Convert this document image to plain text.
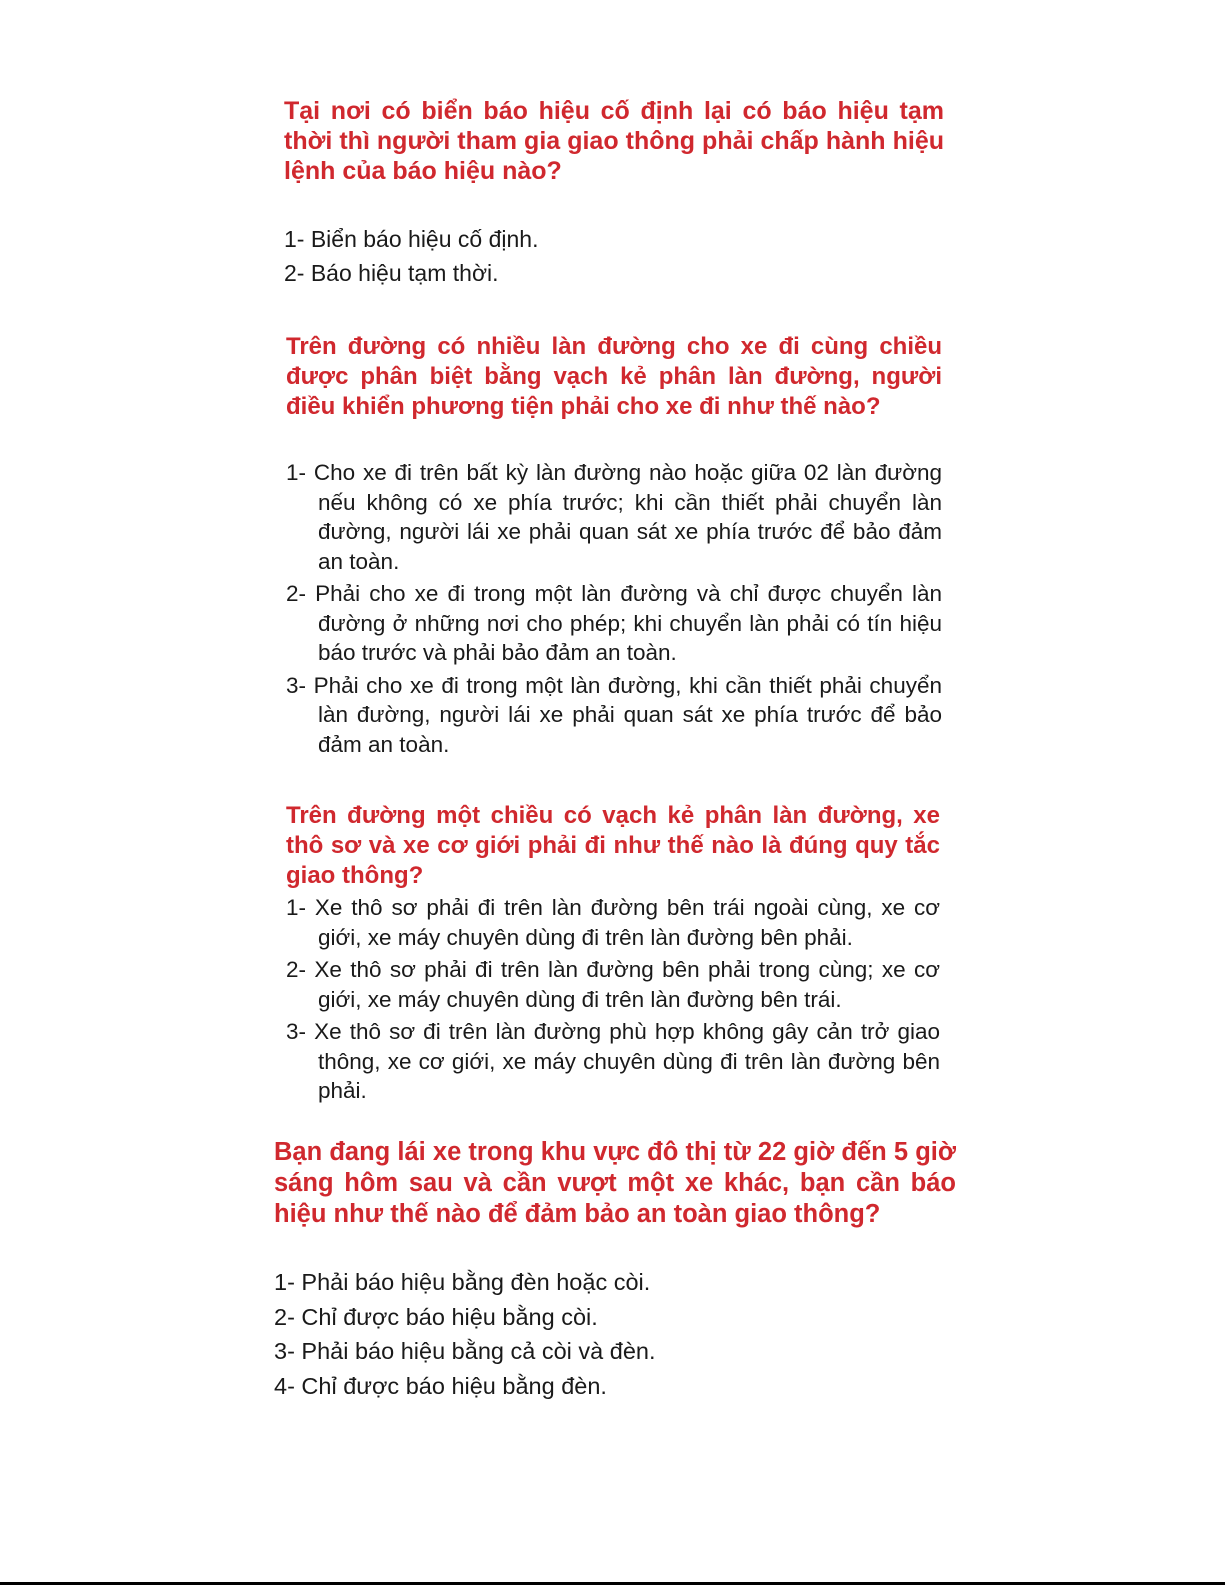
Tại nơi có biển báo hiệu cố định lại có báo hiệu tạm thời thì người tham gia giao thông phải chấp hành hiệu lệnh của báo hiệu nào?

1- Biển báo hiệu cố định.
2- Báo hiệu tạm thời.

Trên đường có nhiều làn đường cho xe đi cùng chiều được phân biệt bằng vạch kẻ phân làn đường, người điều khiển phương tiện phải cho xe đi như thế nào?

1- Cho xe đi trên bất kỳ làn đường nào hoặc giữa 02 làn đường nếu không có xe phía trước; khi cần thiết phải chuyển làn đường, người lái xe phải quan sát xe phía trước để bảo đảm an toàn.
2- Phải cho xe đi trong một làn đường và chỉ được chuyển làn đường ở những nơi cho phép; khi chuyển làn phải có tín hiệu báo trước và phải bảo đảm an toàn.
3- Phải cho xe đi trong một làn đường, khi cần thiết phải chuyển làn đường, người lái xe phải quan sát xe phía trước để bảo đảm an toàn.

Trên đường một chiều có vạch kẻ phân làn đường, xe thô sơ và xe cơ giới phải đi như thế nào là đúng quy tắc giao thông?

1- Xe thô sơ phải đi trên làn đường bên trái ngoài cùng, xe cơ giới, xe máy chuyên dùng đi trên làn đường bên phải.
2- Xe thô sơ phải đi trên làn đường bên phải trong cùng; xe cơ giới, xe máy chuyên dùng đi trên làn đường bên trái.
3- Xe thô sơ đi trên làn đường phù hợp không gây cản trở giao thông, xe cơ giới, xe máy chuyên dùng đi trên làn đường bên phải.

Bạn đang lái xe trong khu vực đô thị từ 22 giờ đến 5 giờ sáng hôm sau và cần vượt một xe khác, bạn cần báo hiệu như thế nào để đảm bảo an toàn giao thông?

1- Phải báo hiệu bằng đèn hoặc còi.
2- Chỉ được báo hiệu bằng còi.
3- Phải báo hiệu bằng cả còi và đèn.
4- Chỉ được báo hiệu bằng đèn.
